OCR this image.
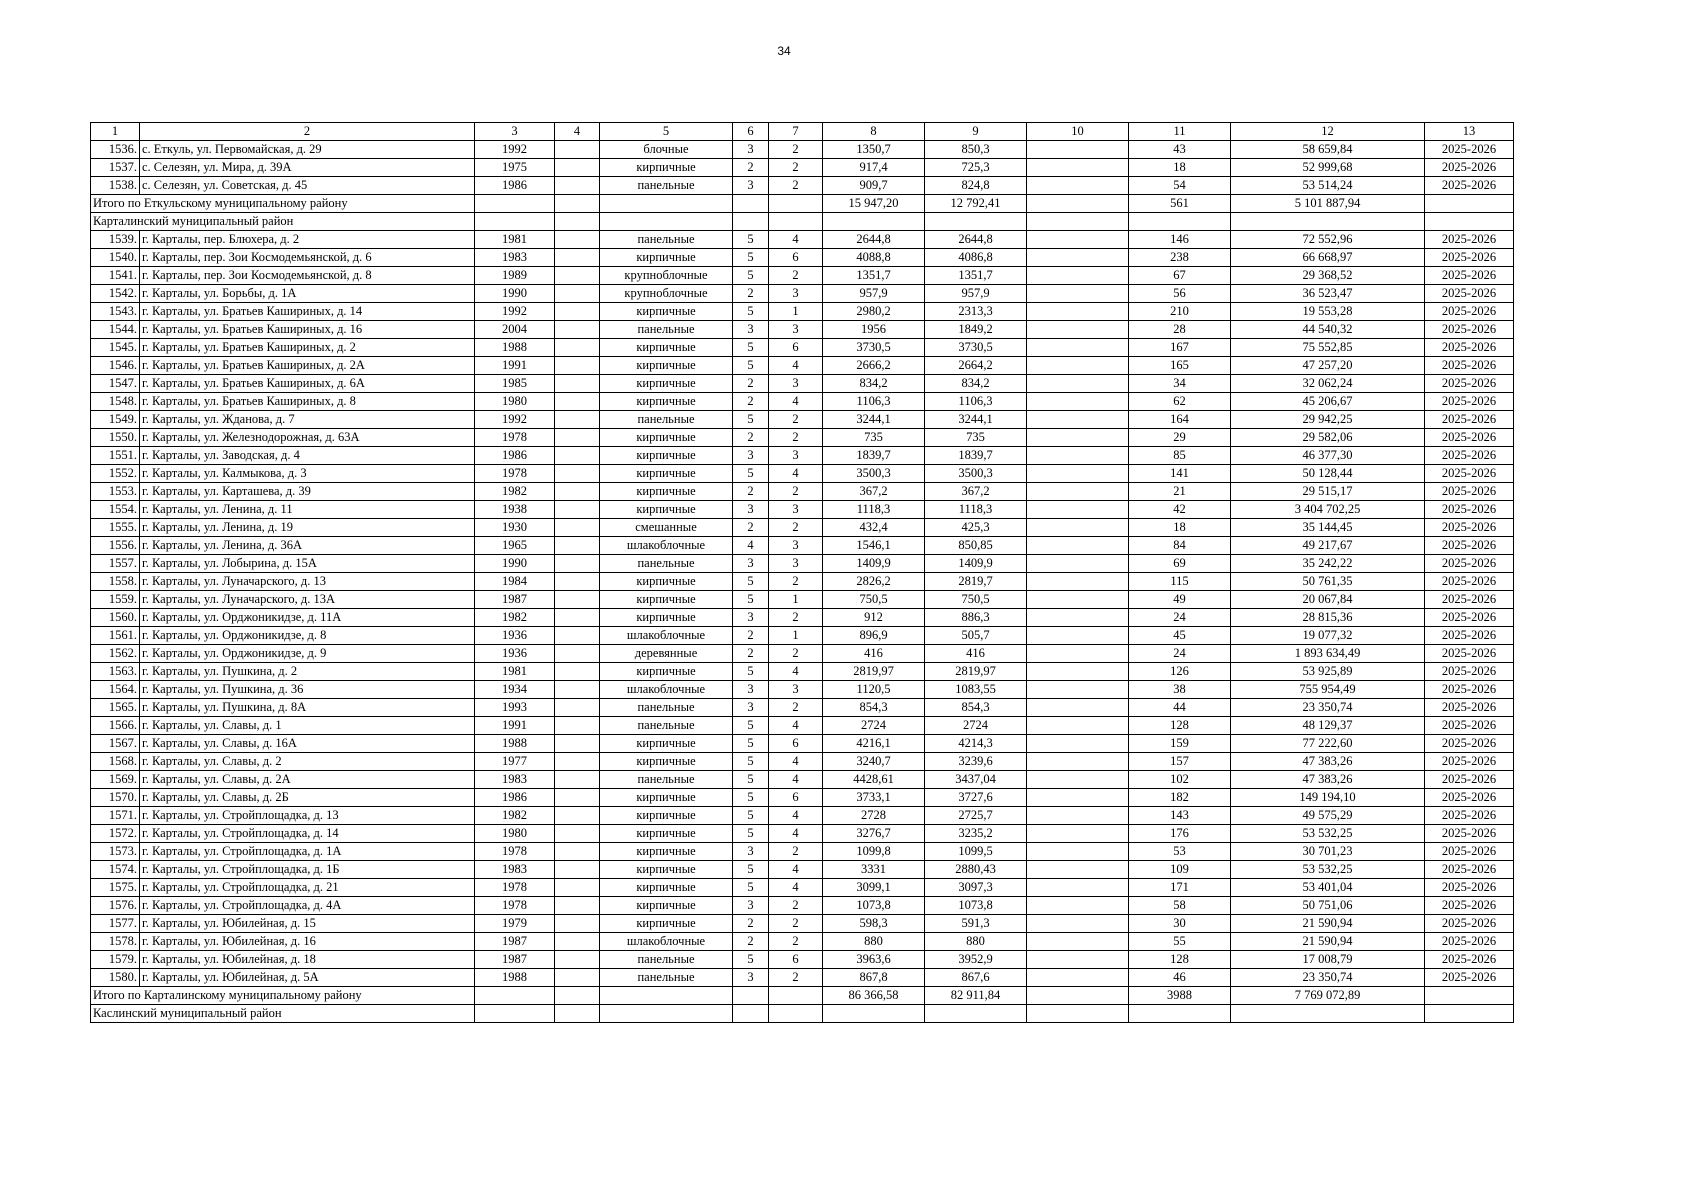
34
1	2	3	4	5	6	7	8	9	10	11	12	13
1536.	с. Еткуль, ул. Первомайская, д. 29	1992		блочные	3	2	1350,7	850,3		43	58 659,84	2025-2026
1537.	с. Селезян, ул. Мира, д. 39А	1975		кирпичные	2	2	917,4	725,3		18	52 999,68	2025-2026
1538.	с. Селезян, ул. Советская, д. 45	1986		панельные	3	2	909,7	824,8		54	53 514,24	2025-2026
Итого по Еткульскому муниципальному району							15 947,20	12 792,41		561	5 101 887,94	
Карталинский муниципальный район												
1539.	г. Карталы, пер. Блюхера, д. 2	1981		панельные	5	4	2644,8	2644,8		146	72 552,96	2025-2026
1540.	г. Карталы, пер. Зои Космодемьянской, д. 6	1983		кирпичные	5	6	4088,8	4086,8		238	66 668,97	2025-2026
1541.	г. Карталы, пер. Зои Космодемьянской, д. 8	1989		крупноблочные	5	2	1351,7	1351,7		67	29 368,52	2025-2026
1542.	г. Карталы, ул. Борьбы, д. 1А	1990		крупноблочные	2	3	957,9	957,9		56	36 523,47	2025-2026
1543.	г. Карталы, ул. Братьев Кашириных, д. 14	1992		кирпичные	5	1	2980,2	2313,3		210	19 553,28	2025-2026
1544.	г. Карталы, ул. Братьев Кашириных, д. 16	2004		панельные	3	3	1956	1849,2		28	44 540,32	2025-2026
1545.	г. Карталы, ул. Братьев Кашириных, д. 2	1988		кирпичные	5	6	3730,5	3730,5		167	75 552,85	2025-2026
1546.	г. Карталы, ул. Братьев Кашириных, д. 2А	1991		кирпичные	5	4	2666,2	2664,2		165	47 257,20	2025-2026
1547.	г. Карталы, ул. Братьев Кашириных, д. 6А	1985		кирпичные	2	3	834,2	834,2		34	32 062,24	2025-2026
1548.	г. Карталы, ул. Братьев Кашириных, д. 8	1980		кирпичные	2	4	1106,3	1106,3		62	45 206,67	2025-2026
1549.	г. Карталы, ул. Жданова, д. 7	1992		панельные	5	2	3244,1	3244,1		164	29 942,25	2025-2026
1550.	г. Карталы, ул. Железнодорожная, д. 63А	1978		кирпичные	2	2	735	735		29	29 582,06	2025-2026
1551.	г. Карталы, ул. Заводская, д. 4	1986		кирпичные	3	3	1839,7	1839,7		85	46 377,30	2025-2026
1552.	г. Карталы, ул. Калмыкова, д. 3	1978		кирпичные	5	4	3500,3	3500,3		141	50 128,44	2025-2026
1553.	г. Карталы, ул. Карташева, д. 39	1982		кирпичные	2	2	367,2	367,2		21	29 515,17	2025-2026
1554.	г. Карталы, ул. Ленина, д. 11	1938		кирпичные	3	3	1118,3	1118,3		42	3 404 702,25	2025-2026
1555.	г. Карталы, ул. Ленина, д. 19	1930		смешанные	2	2	432,4	425,3		18	35 144,45	2025-2026
1556.	г. Карталы, ул. Ленина, д. 36А	1965		шлакоблочные	4	3	1546,1	850,85		84	49 217,67	2025-2026
1557.	г. Карталы, ул. Лобырина, д. 15А	1990		панельные	3	3	1409,9	1409,9		69	35 242,22	2025-2026
1558.	г. Карталы, ул. Луначарского, д. 13	1984		кирпичные	5	2	2826,2	2819,7		115	50 761,35	2025-2026
1559.	г. Карталы, ул. Луначарского, д. 13А	1987		кирпичные	5	1	750,5	750,5		49	20 067,84	2025-2026
1560.	г. Карталы, ул. Орджоникидзе, д. 11А	1982		кирпичные	3	2	912	886,3		24	28 815,36	2025-2026
1561.	г. Карталы, ул. Орджоникидзе, д. 8	1936		шлакоблочные	2	1	896,9	505,7		45	19 077,32	2025-2026
1562.	г. Карталы, ул. Орджоникидзе, д. 9	1936		деревянные	2	2	416	416		24	1 893 634,49	2025-2026
1563.	г. Карталы, ул. Пушкина, д. 2	1981		кирпичные	5	4	2819,97	2819,97		126	53 925,89	2025-2026
1564.	г. Карталы, ул. Пушкина, д. 36	1934		шлакоблочные	3	3	1120,5	1083,55		38	755 954,49	2025-2026
1565.	г. Карталы, ул. Пушкина, д. 8А	1993		панельные	3	2	854,3	854,3		44	23 350,74	2025-2026
1566.	г. Карталы, ул. Славы, д. 1	1991		панельные	5	4	2724	2724		128	48 129,37	2025-2026
1567.	г. Карталы, ул. Славы, д. 16А	1988		кирпичные	5	6	4216,1	4214,3		159	77 222,60	2025-2026
1568.	г. Карталы, ул. Славы, д. 2	1977		кирпичные	5	4	3240,7	3239,6		157	47 383,26	2025-2026
1569.	г. Карталы, ул. Славы, д. 2А	1983		панельные	5	4	4428,61	3437,04		102	47 383,26	2025-2026
1570.	г. Карталы, ул. Славы, д. 2Б	1986		кирпичные	5	6	3733,1	3727,6		182	149 194,10	2025-2026
1571.	г. Карталы, ул. Стройплощадка, д. 13	1982		кирпичные	5	4	2728	2725,7		143	49 575,29	2025-2026
1572.	г. Карталы, ул. Стройплощадка, д. 14	1980		кирпичные	5	4	3276,7	3235,2		176	53 532,25	2025-2026
1573.	г. Карталы, ул. Стройплощадка, д. 1А	1978		кирпичные	3	2	1099,8	1099,5		53	30 701,23	2025-2026
1574.	г. Карталы, ул. Стройплощадка, д. 1Б	1983		кирпичные	5	4	3331	2880,43		109	53 532,25	2025-2026
1575.	г. Карталы, ул. Стройплощадка, д. 21	1978		кирпичные	5	4	3099,1	3097,3		171	53 401,04	2025-2026
1576.	г. Карталы, ул. Стройплощадка, д. 4А	1978		кирпичные	3	2	1073,8	1073,8		58	50 751,06	2025-2026
1577.	г. Карталы, ул. Юбилейная, д. 15	1979		кирпичные	2	2	598,3	591,3		30	21 590,94	2025-2026
1578.	г. Карталы, ул. Юбилейная, д. 16	1987		шлакоблочные	2	2	880	880		55	21 590,94	2025-2026
1579.	г. Карталы, ул. Юбилейная, д. 18	1987		панельные	5	6	3963,6	3952,9		128	17 008,79	2025-2026
1580.	г. Карталы, ул. Юбилейная, д. 5А	1988		панельные	3	2	867,8	867,6		46	23 350,74	2025-2026
Итого по Карталинскому муниципальному району							86 366,58	82 911,84		3988	7 769 072,89	
Каслинский муниципальный район												
